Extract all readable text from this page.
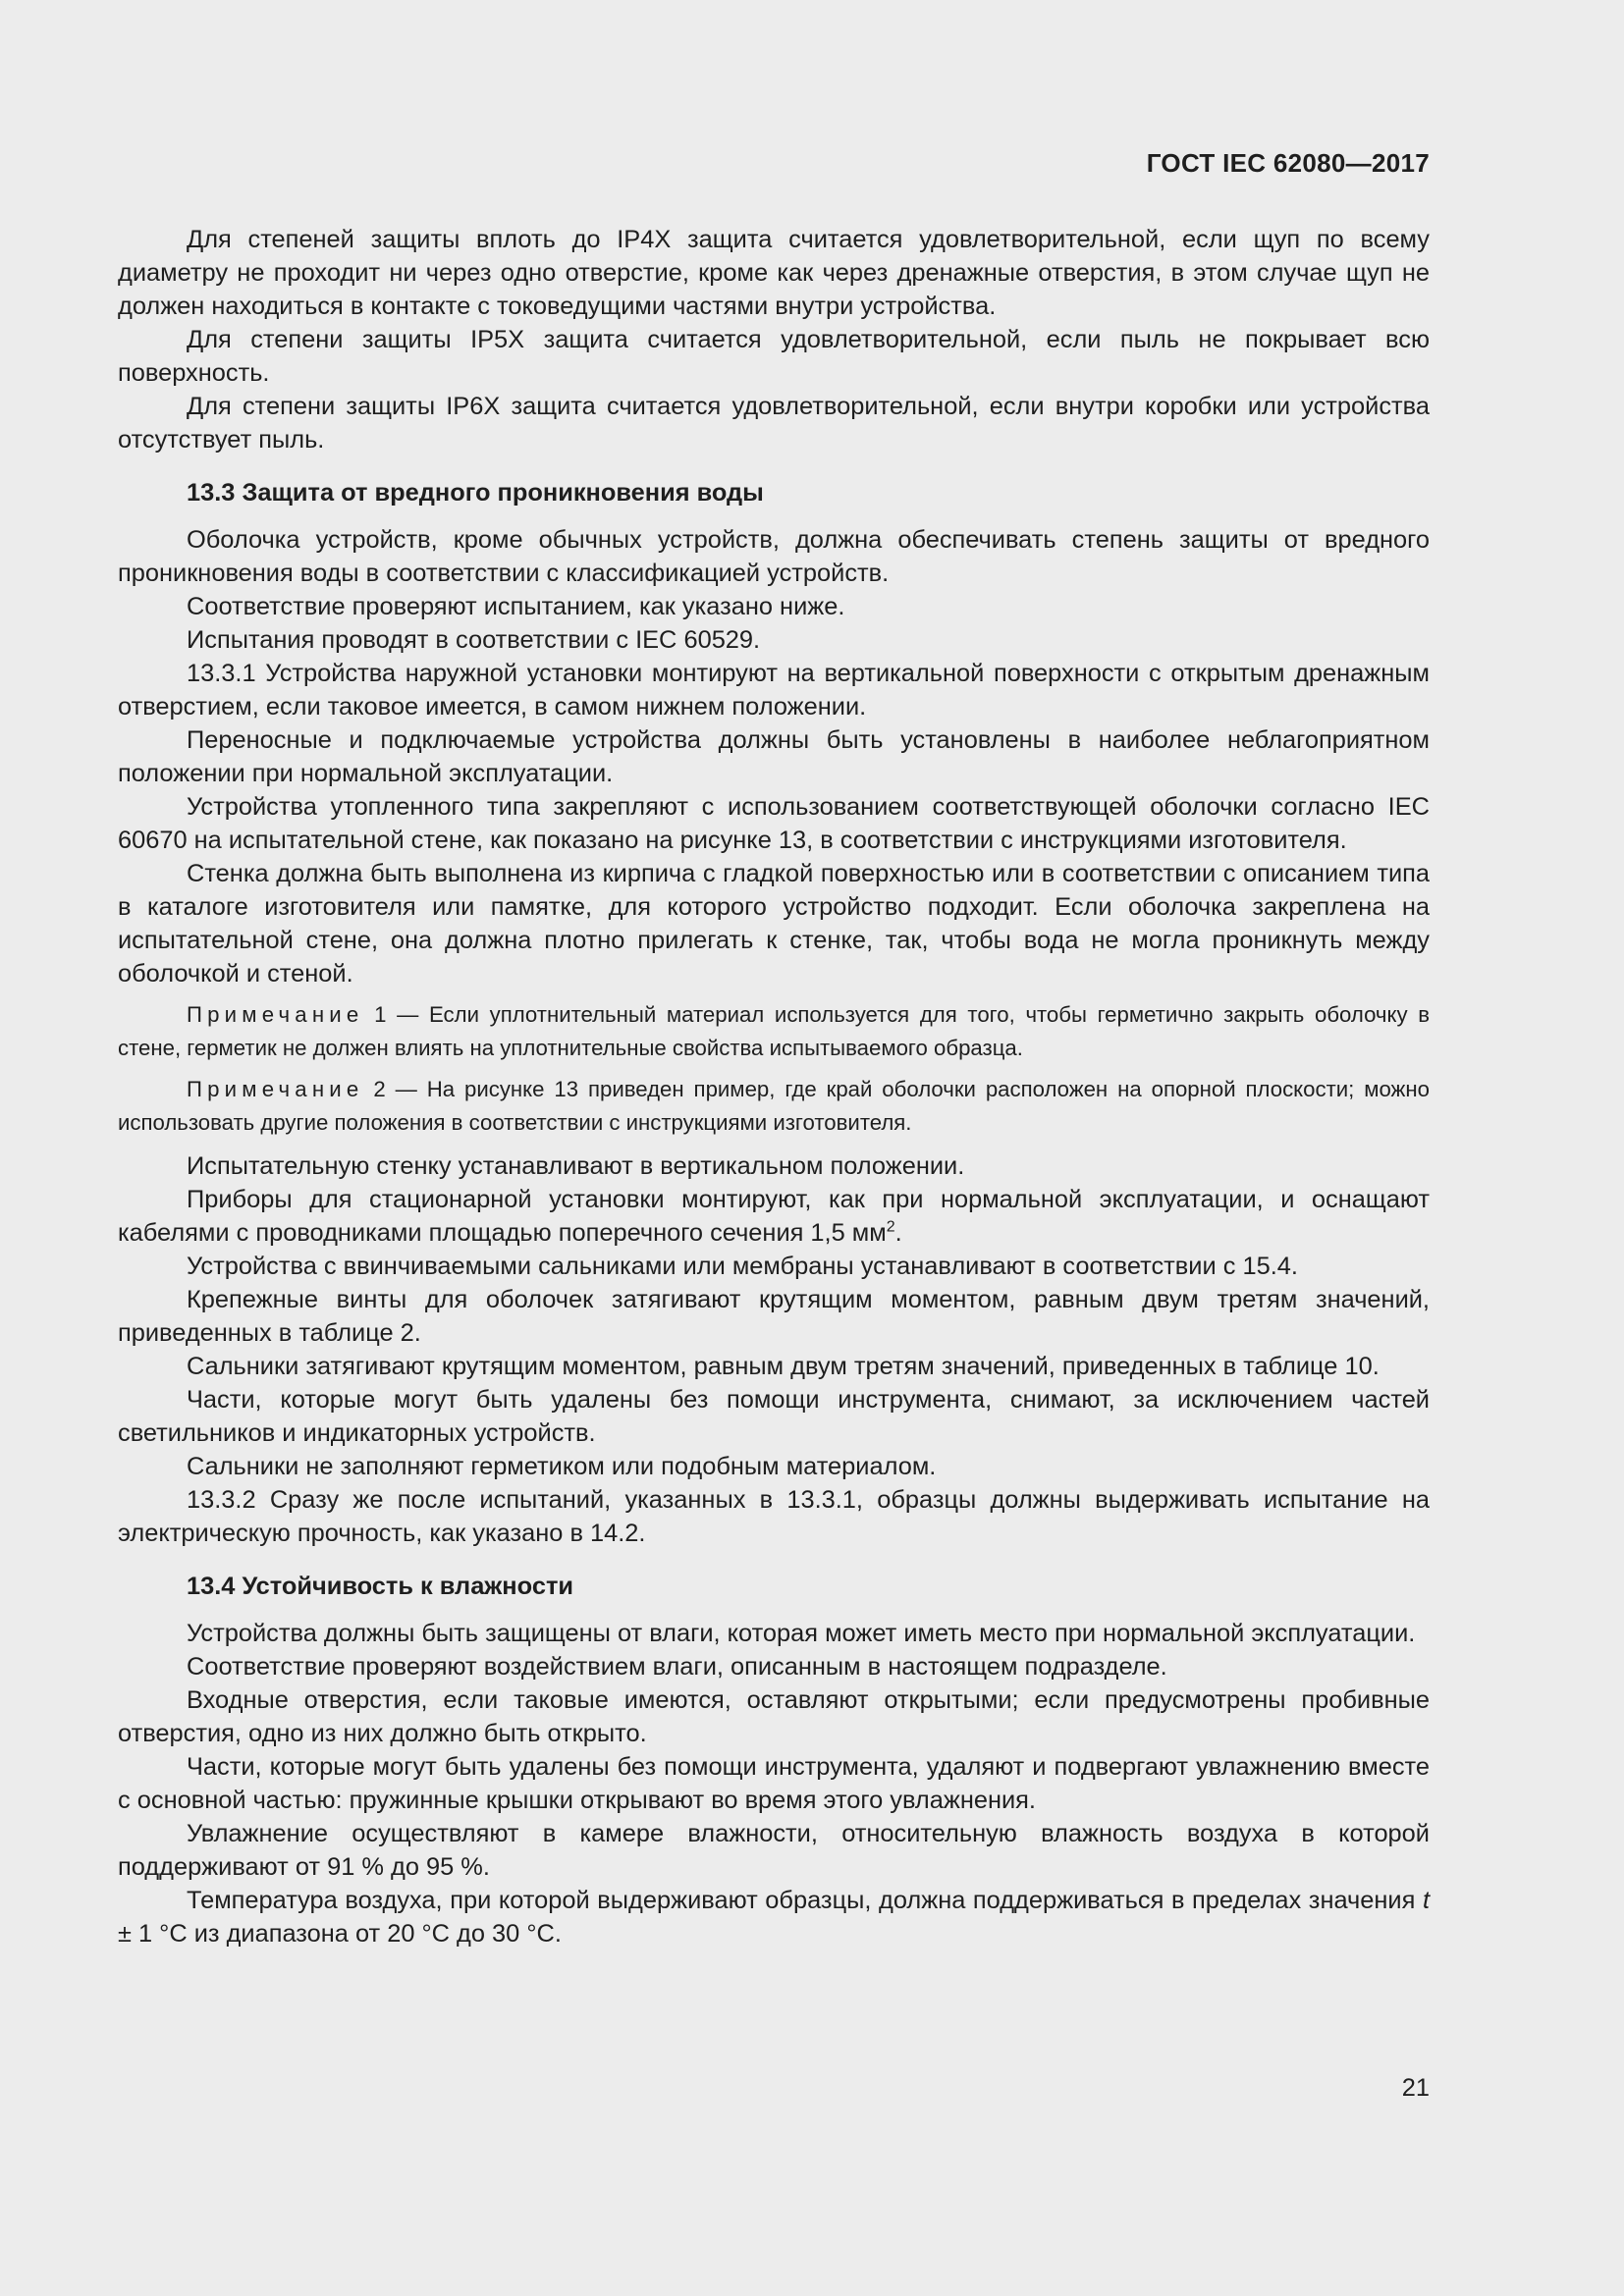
ГОСТ IEC 62080—2017

Для степеней защиты вплоть до IP4X защита считается удовлетворительной, если щуп по всему диаметру не проходит ни через одно отверстие, кроме как через дренажные отверстия, в этом случае щуп не должен находиться в контакте с токоведущими частями внутри устройства.

Для степени защиты IP5X защита считается удовлетворительной, если пыль не покрывает всю поверхность.

Для степени защиты IP6X защита считается удовлетворительной, если внутри коробки или устройства отсутствует пыль.

13.3 Защита от вредного проникновения воды

Оболочка устройств, кроме обычных устройств, должна обеспечивать степень защиты от вредного проникновения воды в соответствии с классификацией устройств.

Соответствие проверяют испытанием, как указано ниже.

Испытания проводят в соответствии с IEC 60529.

13.3.1 Устройства наружной установки монтируют на вертикальной поверхности с открытым дренажным отверстием, если таковое имеется, в самом нижнем положении.

Переносные и подключаемые устройства должны быть установлены в наиболее неблагоприятном положении при нормальной эксплуатации.

Устройства утопленного типа закрепляют с использованием соответствующей оболочки согласно IEC 60670 на испытательной стене, как показано на рисунке 13, в соответствии с инструкциями изготовителя.

Стенка должна быть выполнена из кирпича с гладкой поверхностью или в соответствии с описанием типа в каталоге изготовителя или памятке, для которого устройство подходит. Если оболочка закреплена на испытательной стене, она должна плотно прилегать к стенке, так, чтобы вода не могла проникнуть между оболочкой и стеной.

Примечание 1 — Если уплотнительный материал используется для того, чтобы герметично закрыть оболочку в стене, герметик не должен влиять на уплотнительные свойства испытываемого образца.

Примечание 2 — На рисунке 13 приведен пример, где край оболочки расположен на опорной плоскости; можно использовать другие положения в соответствии с инструкциями изготовителя.

Испытательную стенку устанавливают в вертикальном положении.

Приборы для стационарной установки монтируют, как при нормальной эксплуатации, и оснащают кабелями с проводниками площадью поперечного сечения 1,5 $мм^2$.

Устройства с ввинчиваемыми сальниками или мембраны устанавливают в соответствии с 15.4.

Крепежные винты для оболочек затягивают крутящим моментом, равным двум третям значений, приведенных в таблице 2.

Сальники затягивают крутящим моментом, равным двум третям значений, приведенных в таблице 10.

Части, которые могут быть удалены без помощи инструмента, снимают, за исключением частей светильников и индикаторных устройств.

Сальники не заполняют герметиком или подобным материалом.

13.3.2 Сразу же после испытаний, указанных в 13.3.1, образцы должны выдерживать испытание на электрическую прочность, как указано в 14.2.

13.4 Устойчивость к влажности

Устройства должны быть защищены от влаги, которая может иметь место при нормальной эксплуатации.

Соответствие проверяют воздействием влаги, описанным в настоящем подразделе.

Входные отверстия, если таковые имеются, оставляют открытыми; если предусмотрены пробивные отверстия, одно из них должно быть открыто.

Части, которые могут быть удалены без помощи инструмента, удаляют и подвергают увлажнению вместе с основной частью: пружинные крышки открывают во время этого увлажнения.

Увлажнение осуществляют в камере влажности, относительную влажность воздуха в которой поддерживают от 91 % до 95 %.

Температура воздуха, при которой выдерживают образцы, должна поддерживаться в пределах значения t ± 1 °C из диапазона от 20 °C до 30 °C.

21
